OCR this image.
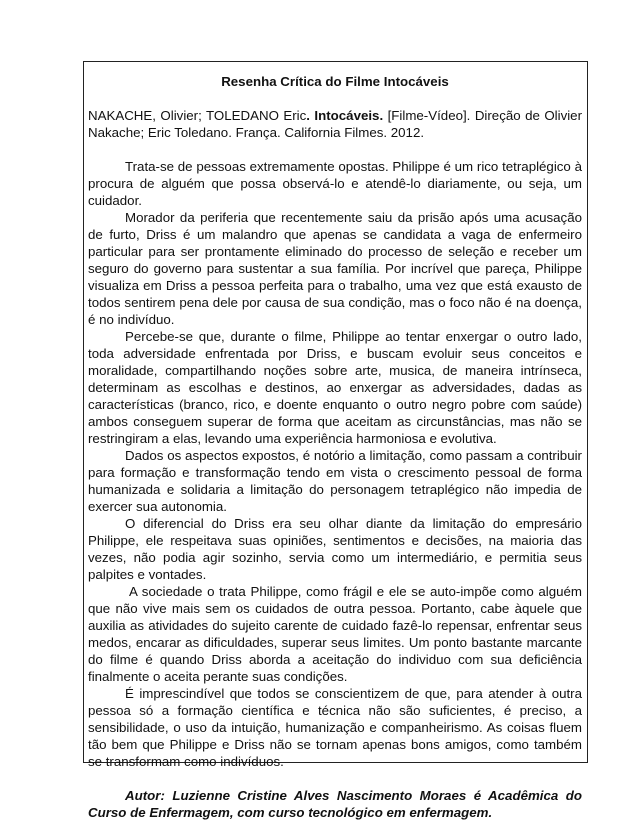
Resenha Crítica do Filme Intocáveis
NAKACHE, Olivier; TOLEDANO Eric. Intocáveis. [Filme-Vídeo]. Direção de Olivier Nakache; Eric Toledano. França. California Filmes. 2012.

Trata-se de pessoas extremamente opostas. Philippe é um rico tetraplégico à procura de alguém que possa observá-lo e atendê-lo diariamente, ou seja, um cuidador.

Morador da periferia que recentemente saiu da prisão após uma acusação de furto, Driss é um malandro que apenas se candidata a vaga de enfermeiro particular para ser prontamente eliminado do processo de seleção e receber um seguro do governo para sustentar a sua família. Por incrível que pareça, Philippe visualiza em Driss a pessoa perfeita para o trabalho, uma vez que está exausto de todos sentirem pena dele por causa de sua condição, mas o foco não é na doença, é no indivíduo.

Percebe-se que, durante o filme, Philippe ao tentar enxergar o outro lado, toda adversidade enfrentada por Driss, e buscam evoluir seus conceitos e moralidade, compartilhando noções sobre arte, musica, de maneira intrínseca, determinam as escolhas e destinos, ao enxergar as adversidades, dadas as características (branco, rico, e doente enquanto o outro negro pobre com saúde) ambos conseguem superar de forma que aceitam as circunstâncias, mas não se restringiram a elas, levando uma experiência harmoniosa e evolutiva.

Dados os aspectos expostos, é notório a limitação, como passam a contribuir para formação e transformação tendo em vista o crescimento pessoal de forma humanizada e solidaria a limitação do personagem tetraplégico não impedia de exercer sua autonomia.

O diferencial do Driss era seu olhar diante da limitação do empresário Philippe, ele respeitava suas opiniões, sentimentos e decisões, na maioria das vezes, não podia agir sozinho, servia como um intermediário, e permitia seus palpites e vontades.

A sociedade o trata Philippe, como frágil e ele se auto-impõe como alguém que não vive mais sem os cuidados de outra pessoa. Portanto, cabe àquele que auxilia as atividades do sujeito carente de cuidado fazê-lo repensar, enfrentar seus medos, encarar as dificuldades, superar seus limites. Um ponto bastante marcante do filme é quando Driss aborda a aceitação do individuo com sua deficiência finalmente o aceita perante suas condições.

É imprescindível que todos se conscientizem de que, para atender à outra pessoa só a formação científica e técnica não são suficientes, é preciso, a sensibilidade, o uso da intuição, humanização e companheirismo. As coisas fluem tão bem que Philippe e Driss não se tornam apenas bons amigos, como também se transformam como indivíduos.

Autor: Luzienne Cristine Alves Nascimento Moraes é Acadêmica do Curso de Enfermagem, com curso tecnológico em enfermagem.
